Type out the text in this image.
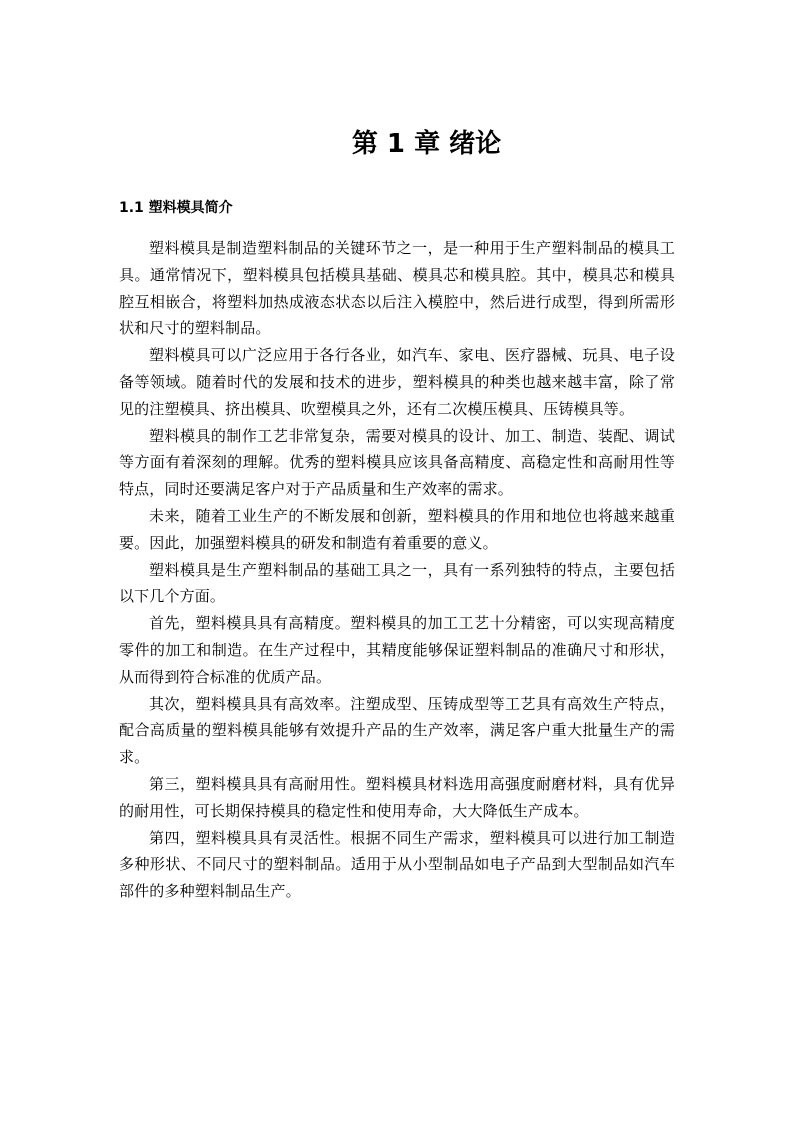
第 1 章 绪论
1.1 塑料模具简介

塑料模具是制造塑料制品的关键环节之一，是一种用于生产塑料制品的模具工具。通常情况下，塑料模具包括模具基础、模具芯和模具腔。其中，模具芯和模具腔互相嵌合，将塑料加热成液态状态以后注入模腔中，然后进行成型，得到所需形状和尺寸的塑料制品。

塑料模具可以广泛应用于各行各业，如汽车、家电、医疗器械、玩具、电子设备等领域。随着时代的发展和技术的进步，塑料模具的种类也越来越丰富，除了常见的注塑模具、挤出模具、吹塑模具之外，还有二次模压模具、压铸模具等。

塑料模具的制作工艺非常复杂，需要对模具的设计、加工、制造、装配、调试等方面有着深刻的理解。优秀的塑料模具应该具备高精度、高稳定性和高耐用性等特点，同时还要满足客户对于产品质量和生产效率的需求。

未来，随着工业生产的不断发展和创新，塑料模具的作用和地位也将越来越重要。因此，加强塑料模具的研发和制造有着重要的意义。

塑料模具是生产塑料制品的基础工具之一，具有一系列独特的特点，主要包括以下几个方面。

首先，塑料模具具有高精度。塑料模具的加工工艺十分精密，可以实现高精度零件的加工和制造。在生产过程中，其精度能够保证塑料制品的准确尺寸和形状，从而得到符合标准的优质产品。

其次，塑料模具具有高效率。注塑成型、压铸成型等工艺具有高效生产特点，配合高质量的塑料模具能够有效提升产品的生产效率，满足客户重大批量生产的需求。

第三，塑料模具具有高耐用性。塑料模具材料选用高强度耐磨材料，具有优异的耐用性，可长期保持模具的稳定性和使用寿命，大大降低生产成本。

第四，塑料模具具有灵活性。根据不同生产需求，塑料模具可以进行加工制造多种形状、不同尺寸的塑料制品。适用于从小型制品如电子产品到大型制品如汽车部件的多种塑料制品生产。
